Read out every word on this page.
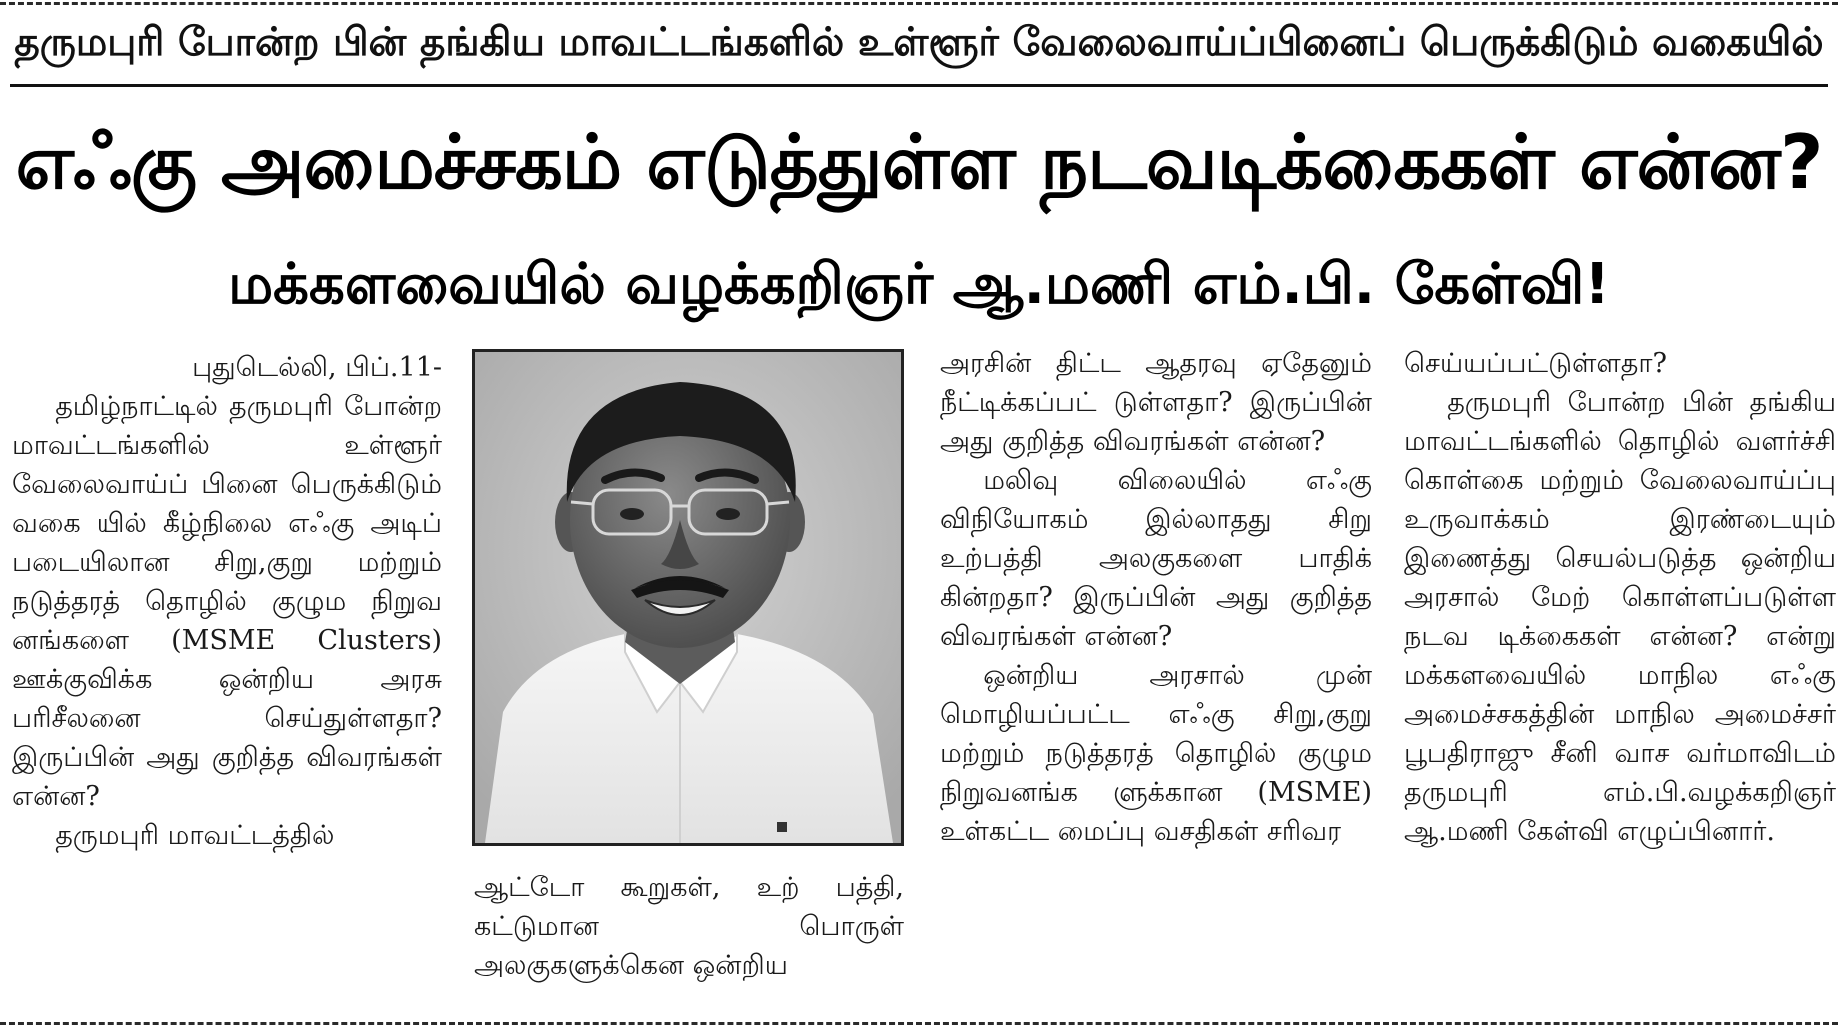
தருமபுரி போன்ற பின் தங்கிய மாவட்டங்களில் உள்ளூர் வேலைவாய்ப்பினைப் பெருக்கிடும் வகையில்
எஃகு அமைச்சகம் எடுத்துள்ள நடவடிக்கைகள் என்ன?
மக்களவையில் வழக்கறிஞர் ஆ.மணி எம்.பி. கேள்வி!

புதுடெல்லி, பிப்.11-

தமிழ்நாட்டில் தருமபுரி போன்ற மாவட்டங்களில் உள்ளூர் வேலைவாய்ப் பினை பெருக்கிடும் வகை யில் கீழ்நிலை எஃகு அடிப் படையிலான சிறு,குறு மற்றும் நடுத்தரத் தொழில் குழும நிறுவ னங்களை (MSME Clusters) ஊக்குவிக்க ஒன்றிய அரசு பரிசீலனை செய்துள்ளதா? இருப்பின் அது குறித்த விவரங்கள் என்ன?

தருமபுரி மாவட்டத்தில்

ஆட்டோ கூறுகள், உற் பத்தி, கட்டுமான பொருள் அலகுகளுக்கென ஒன்றிய

அரசின் திட்ட ஆதரவு ஏதேனும் நீட்டிக்கப்பட் டுள்ளதா? இருப்பின் அது குறித்த விவரங்கள் என்ன?

மலிவு விலையில் எஃகு விநியோகம் இல்லாதது சிறு உற்பத்தி அலகுகளை பாதிக் கின்றதா? இருப்பின் அது குறித்த விவரங்கள் என்ன?

ஒன்றிய அரசால் முன் மொழியப்பட்ட எஃகு சிறு,குறு மற்றும் நடுத்தரத் தொழில் குழும நிறுவனங்க ளுக்கான (MSME) உள்கட்ட மைப்பு வசதிகள் சரிவர

செய்யப்பட்டுள்ளதா?

தருமபுரி போன்ற பின் தங்கிய மாவட்டங்களில் தொழில் வளர்ச்சி கொள்கை மற்றும் வேலைவாய்ப்பு உருவாக்கம் இரண்டையும் இணைத்து செயல்படுத்த ஒன்றிய அரசால் மேற் கொள்ளப்படுள்ள நடவ டிக்கைகள் என்ன? என்று மக்களவையில் மாநில எஃகு அமைச்சகத்தின் மாநில அமைச்சர் பூபதிராஜு சீனி வாச வர்மாவிடம் தருமபுரி எம்.பி.வழக்கறிஞர் ஆ.மணி கேள்வி எழுப்பினார்.
